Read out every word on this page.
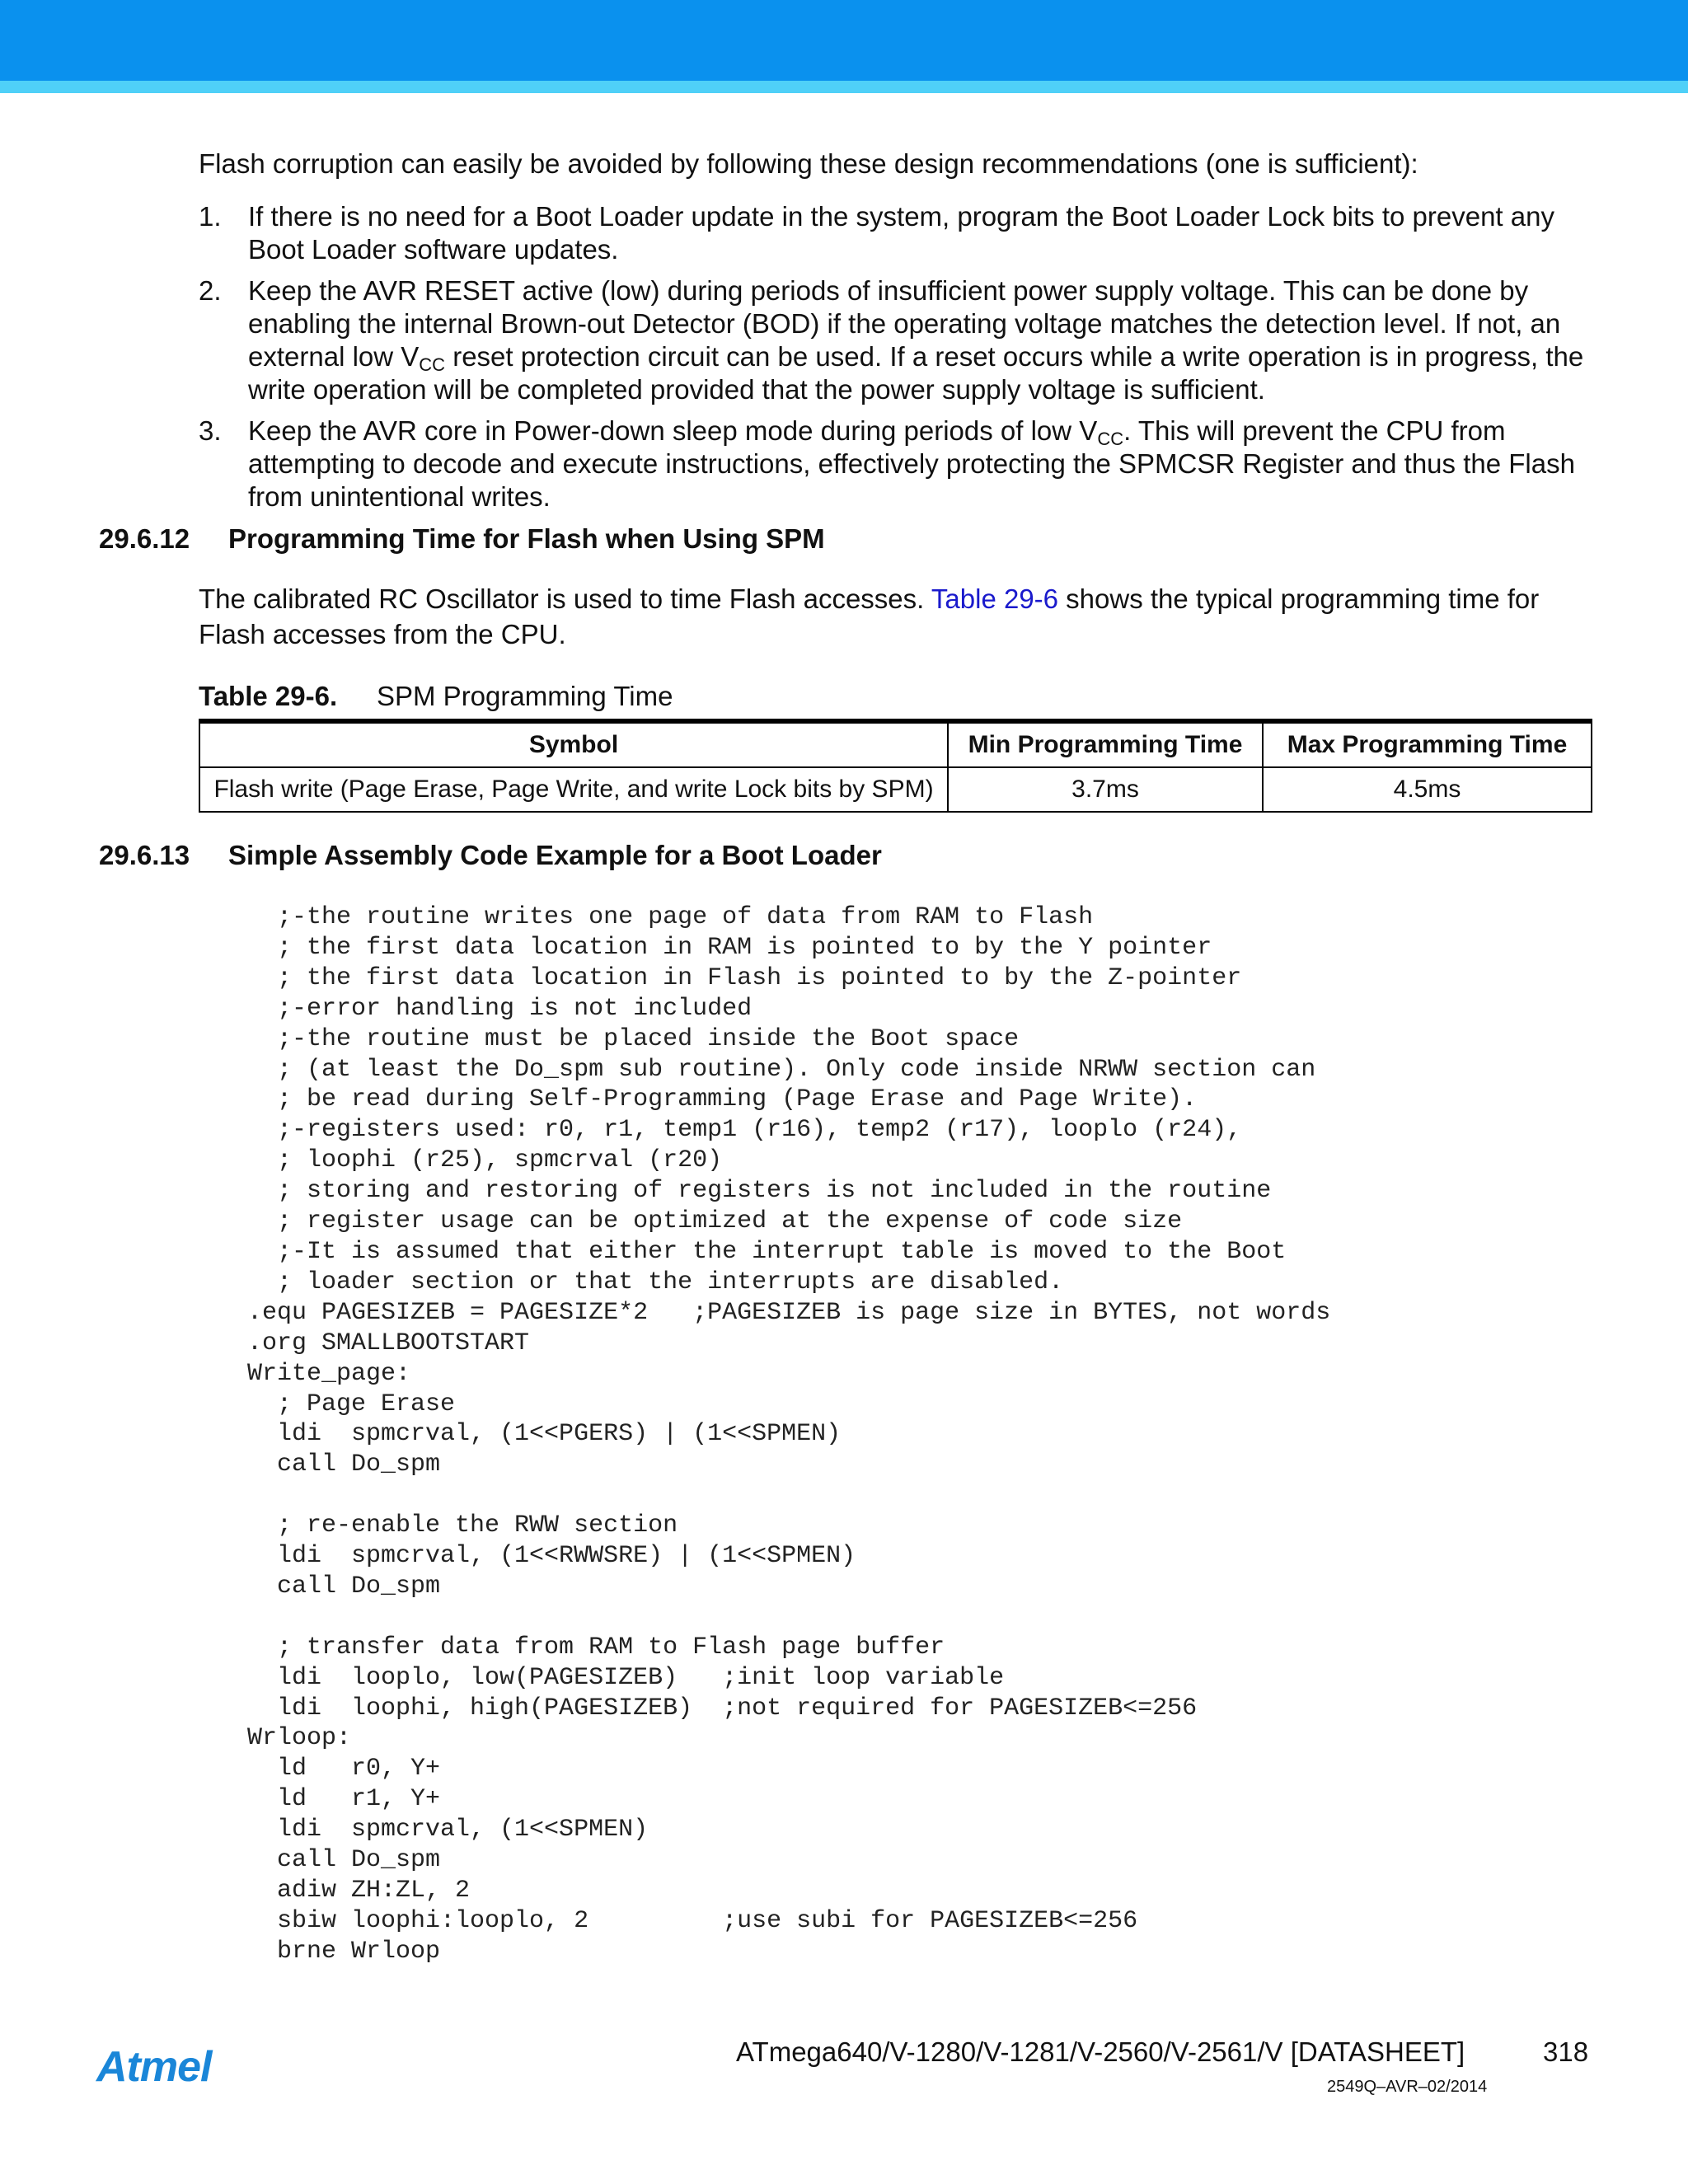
Flash corruption can easily be avoided by following these design recommendations (one is sufficient):
1. If there is no need for a Boot Loader update in the system, program the Boot Loader Lock bits to prevent any Boot Loader software updates.
2. Keep the AVR RESET active (low) during periods of insufficient power supply voltage. This can be done by enabling the internal Brown-out Detector (BOD) if the operating voltage matches the detection level. If not, an external low $V_{CC}$ reset protection circuit can be used. If a reset occurs while a write operation is in progress, the write operation will be completed provided that the power supply voltage is sufficient.
3. Keep the AVR core in Power-down sleep mode during periods of low $V_{CC}$. This will prevent the CPU from attempting to decode and execute instructions, effectively protecting the SPMCSR Register and thus the Flash from unintentional writes.
29.6.12 Programming Time for Flash when Using SPM
The calibrated RC Oscillator is used to time Flash accesses. Table 29-6 shows the typical programming time for Flash accesses from the CPU.
Table 29-6. SPM Programming Time
Symbol	Min Programming Time	Max Programming Time
Flash write (Page Erase, Page Write, and write Lock bits by SPM)	3.7ms	4.5ms
29.6.13 Simple Assembly Code Example for a Boot Loader
;-the routine writes one page of data from RAM to Flash
; the first data location in RAM is pointed to by the Y pointer
; the first data location in Flash is pointed to by the Z-pointer
;-error handling is not included
;-the routine must be placed inside the Boot space
; (at least the Do_spm sub routine). Only code inside NRWW section can
; be read during Self-Programming (Page Erase and Page Write).
;-registers used: r0, r1, temp1 (r16), temp2 (r17), looplo (r24),
; loophi (r25), spmcrval (r20)
; storing and restoring of registers is not included in the routine
; register usage can be optimized at the expense of code size
;-It is assumed that either the interrupt table is moved to the Boot
; loader section or that the interrupts are disabled.
.equ PAGESIZEB = PAGESIZE*2   ;PAGESIZEB is page size in BYTES, not words
.org SMALLBOOTSTART
Write_page:
; Page Erase
ldi  spmcrval, (1<<PGERS) | (1<<SPMEN)
call Do_spm

; re-enable the RWW section
ldi  spmcrval, (1<<RWWSRE) | (1<<SPMEN)
call Do_spm

; transfer data from RAM to Flash page buffer
ldi  looplo, low(PAGESIZEB)   ;init loop variable
ldi  loophi, high(PAGESIZEB)  ;not required for PAGESIZEB<=256
Wrloop:
ld   r0, Y+
ld   r1, Y+
ldi  spmcrval, (1<<SPMEN)
call Do_spm
adiw ZH:ZL, 2
sbiw loophi:looplo, 2         ;use subi for PAGESIZEB<=256
brne Wrloop
Atmel	ATmega640/V-1280/V-1281/V-2560/V-2561/V [DATASHEET]	318
2549Q–AVR–02/2014
